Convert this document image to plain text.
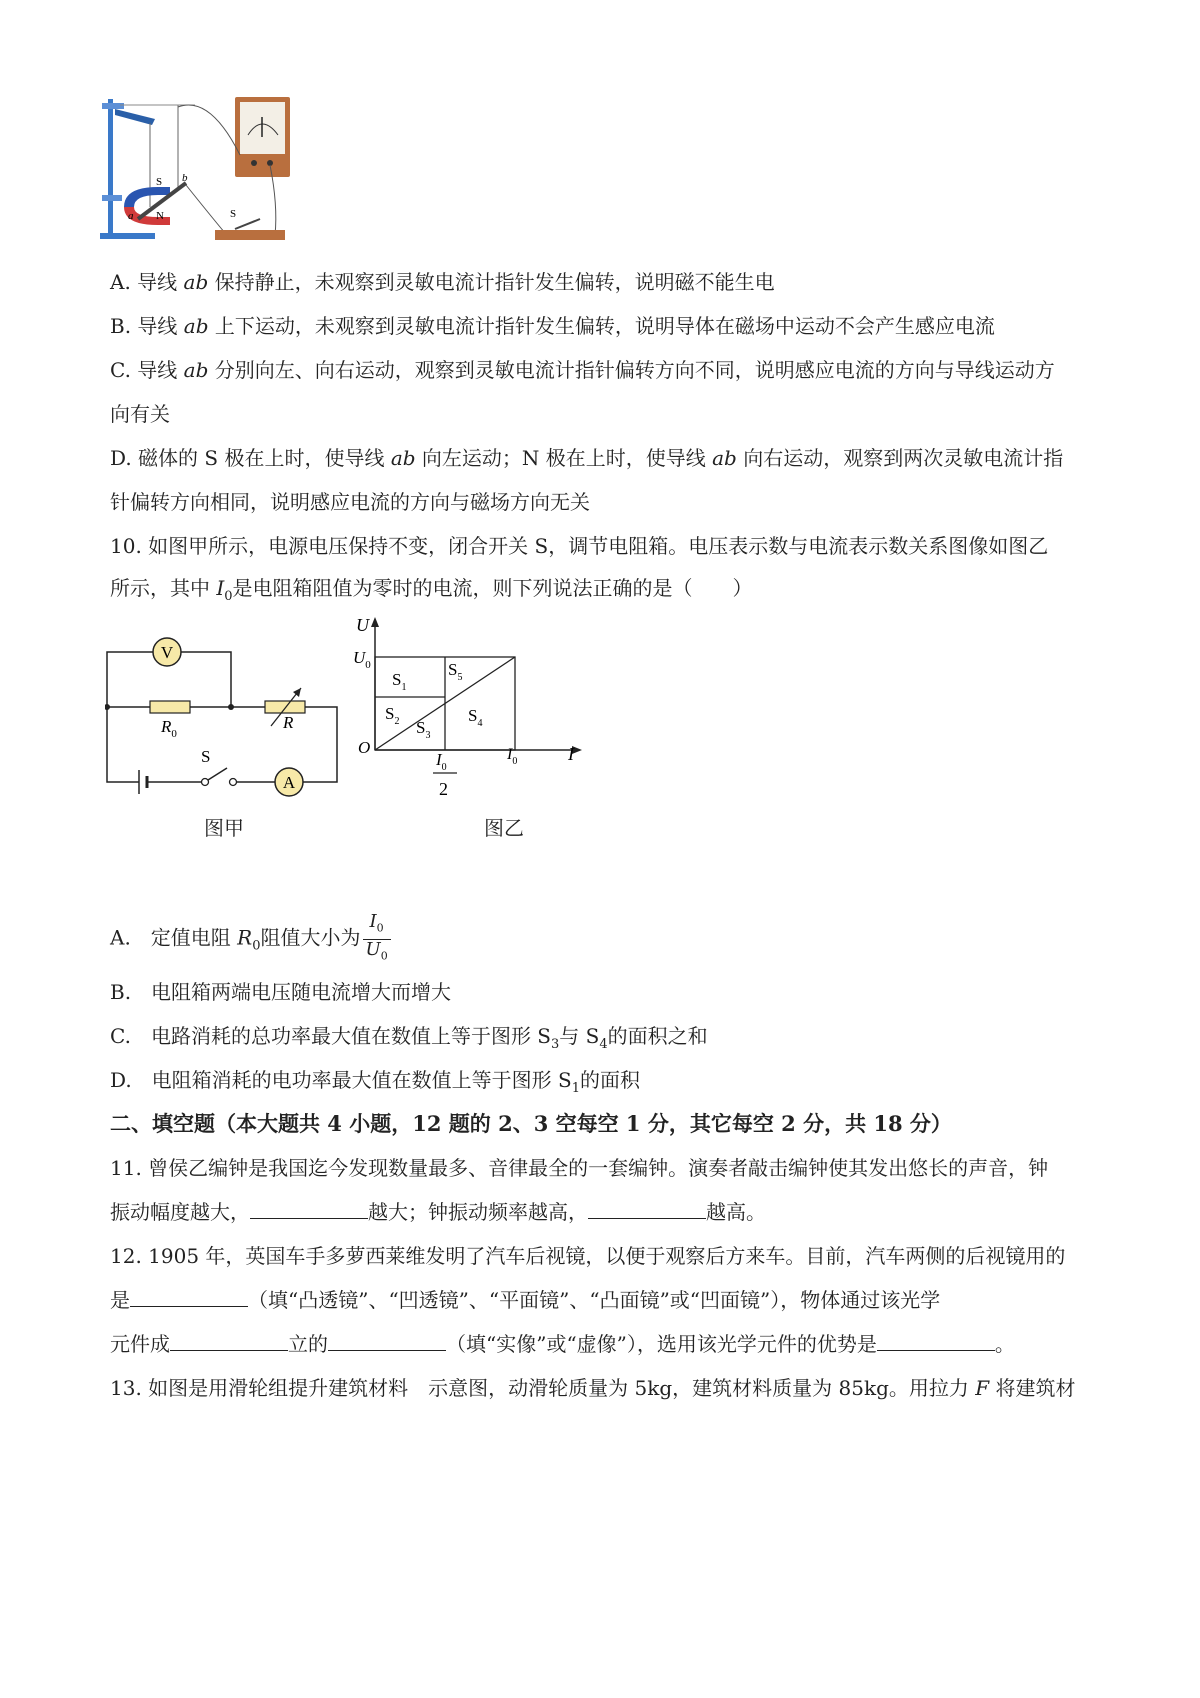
S
N
a
b
S
A. 导线 ab 保持静止，未观察到灵敏电流计指针发生偏转，说明磁不能生电
B. 导线 ab 上下运动，未观察到灵敏电流计指针发生偏转，说明导体在磁场中运动不会产生感应电流
C. 导线 ab 分别向左、向右运动，观察到灵敏电流计指针偏转方向不同，说明感应电流的方向与导线运动方
向有关
D. 磁体的 S 极在上时，使导线 ab 向左运动；N 极在上时，使导线 ab 向右运动，观察到两次灵敏电流计指
针偏转方向相同，说明感应电流的方向与磁场方向无关
10. 如图甲所示，电源电压保持不变，闭合开关 S，调节电阻箱。电压表示数与电流表示数关系图像如图乙
所示，其中 $I_0$是电阻箱阻值为零时的电流，则下列说法正确的是（　　）
V
$R_0$
R
S
A
图甲
U
I
O
$U_0$
$I_0$
$I_0$
2
$S_1$
$S_5$
$S_2$ $S_3$
$S_4$
图乙
A.　定值电阻 $R_0$阻值大小为 $\frac{I_0}{U_0}$
B.　电阻箱两端电压随电流增大而增大
C.　电路消耗的总功率最大值在数值上等于图形 $S_3$与 $S_4$的面积之和
D.　电阻箱消耗的电功率最大值在数值上等于图形 $S_1$的面积
二、填空题（本大题共 4 小题，12 题的 2、3 空每空 1 分，其它每空 2 分，共 18 分）
11. 曾侯乙编钟是我国迄今发现数量最多、音律最全的一套编钟。演奏者敲击编钟使其发出悠长的声音，钟
振动幅度越大，	越大；钟振动频率越高，	越高。
12. 1905 年，英国车手多萝西莱维发明了汽车后视镜，以便于观察后方来车。目前，汽车两侧的后视镜用的
是	（填“凸透镜”、“凹透镜”、“平面镜”、“凸面镜”或“凹面镜”），物体通过该光学
元件成	立的	（填“实像”或“虚像”），选用该光学元件的优势是	。
13. 如图是用滑轮组提升建筑材料　示意图，动滑轮质量为 5kg，建筑材料质量为 85kg。用拉力 F 将建筑材
